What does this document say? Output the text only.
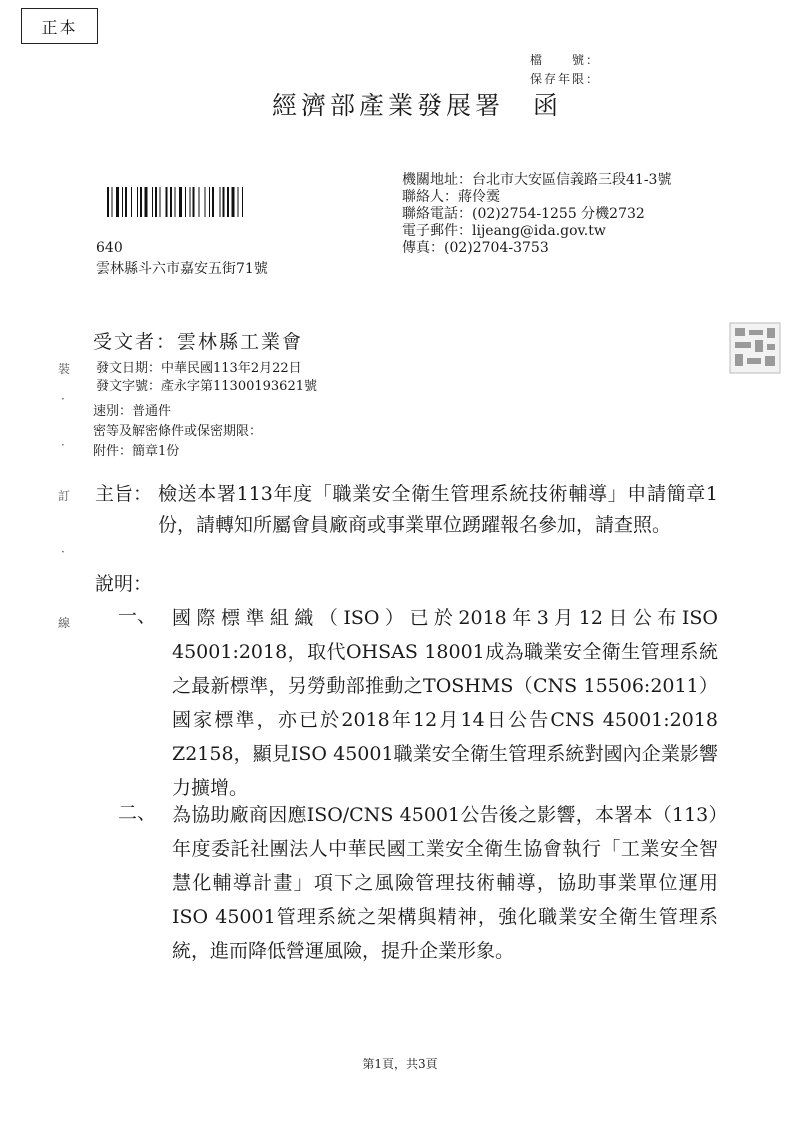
正本
檔　　號：
保存年限：
經濟部產業發展署　函
機關地址：台北市大安區信義路三段41-3號
聯絡人：蔣伶霙
聯絡電話：(02)2754-1255 分機2732
電子郵件：lijeang@ida.gov.tw
傳真：(02)2704-3753
640
雲林縣斗六市嘉安五街71號
受文者：雲林縣工業會
發文日期：中華民國113年2月22日
發文字號：產永字第11300193621號
速別：普通件
密等及解密條件或保密期限：
附件：簡章1份
裝
·
·
訂
·
線
主旨： 檢送本署113年度「職業安全衛生管理系統技術輔導」申請簡章1份，請轉知所屬會員廠商或事業單位踴躍報名參加，請查照。
說明：
一、 國際標準組織（ISO）已於2018年3月12日公布ISO 45001:2018，取代OHSAS 18001成為職業安全衛生管理系統之最新標準，另勞動部推動之TOSHMS（CNS 15506:2011）國家標準，亦已於2018年12月14日公告CNS 45001:2018 Z2158，顯見ISO 45001職業安全衛生管理系統對國內企業影響力擴增。
二、 為協助廠商因應ISO/CNS 45001公告後之影響，本署本（113）年度委託社團法人中華民國工業安全衛生協會執行「工業安全智慧化輔導計畫」項下之風險管理技術輔導，協助事業單位運用ISO 45001管理系統之架構與精神，強化職業安全衛生管理系統，進而降低營運風險，提升企業形象。
第1頁，共3頁
